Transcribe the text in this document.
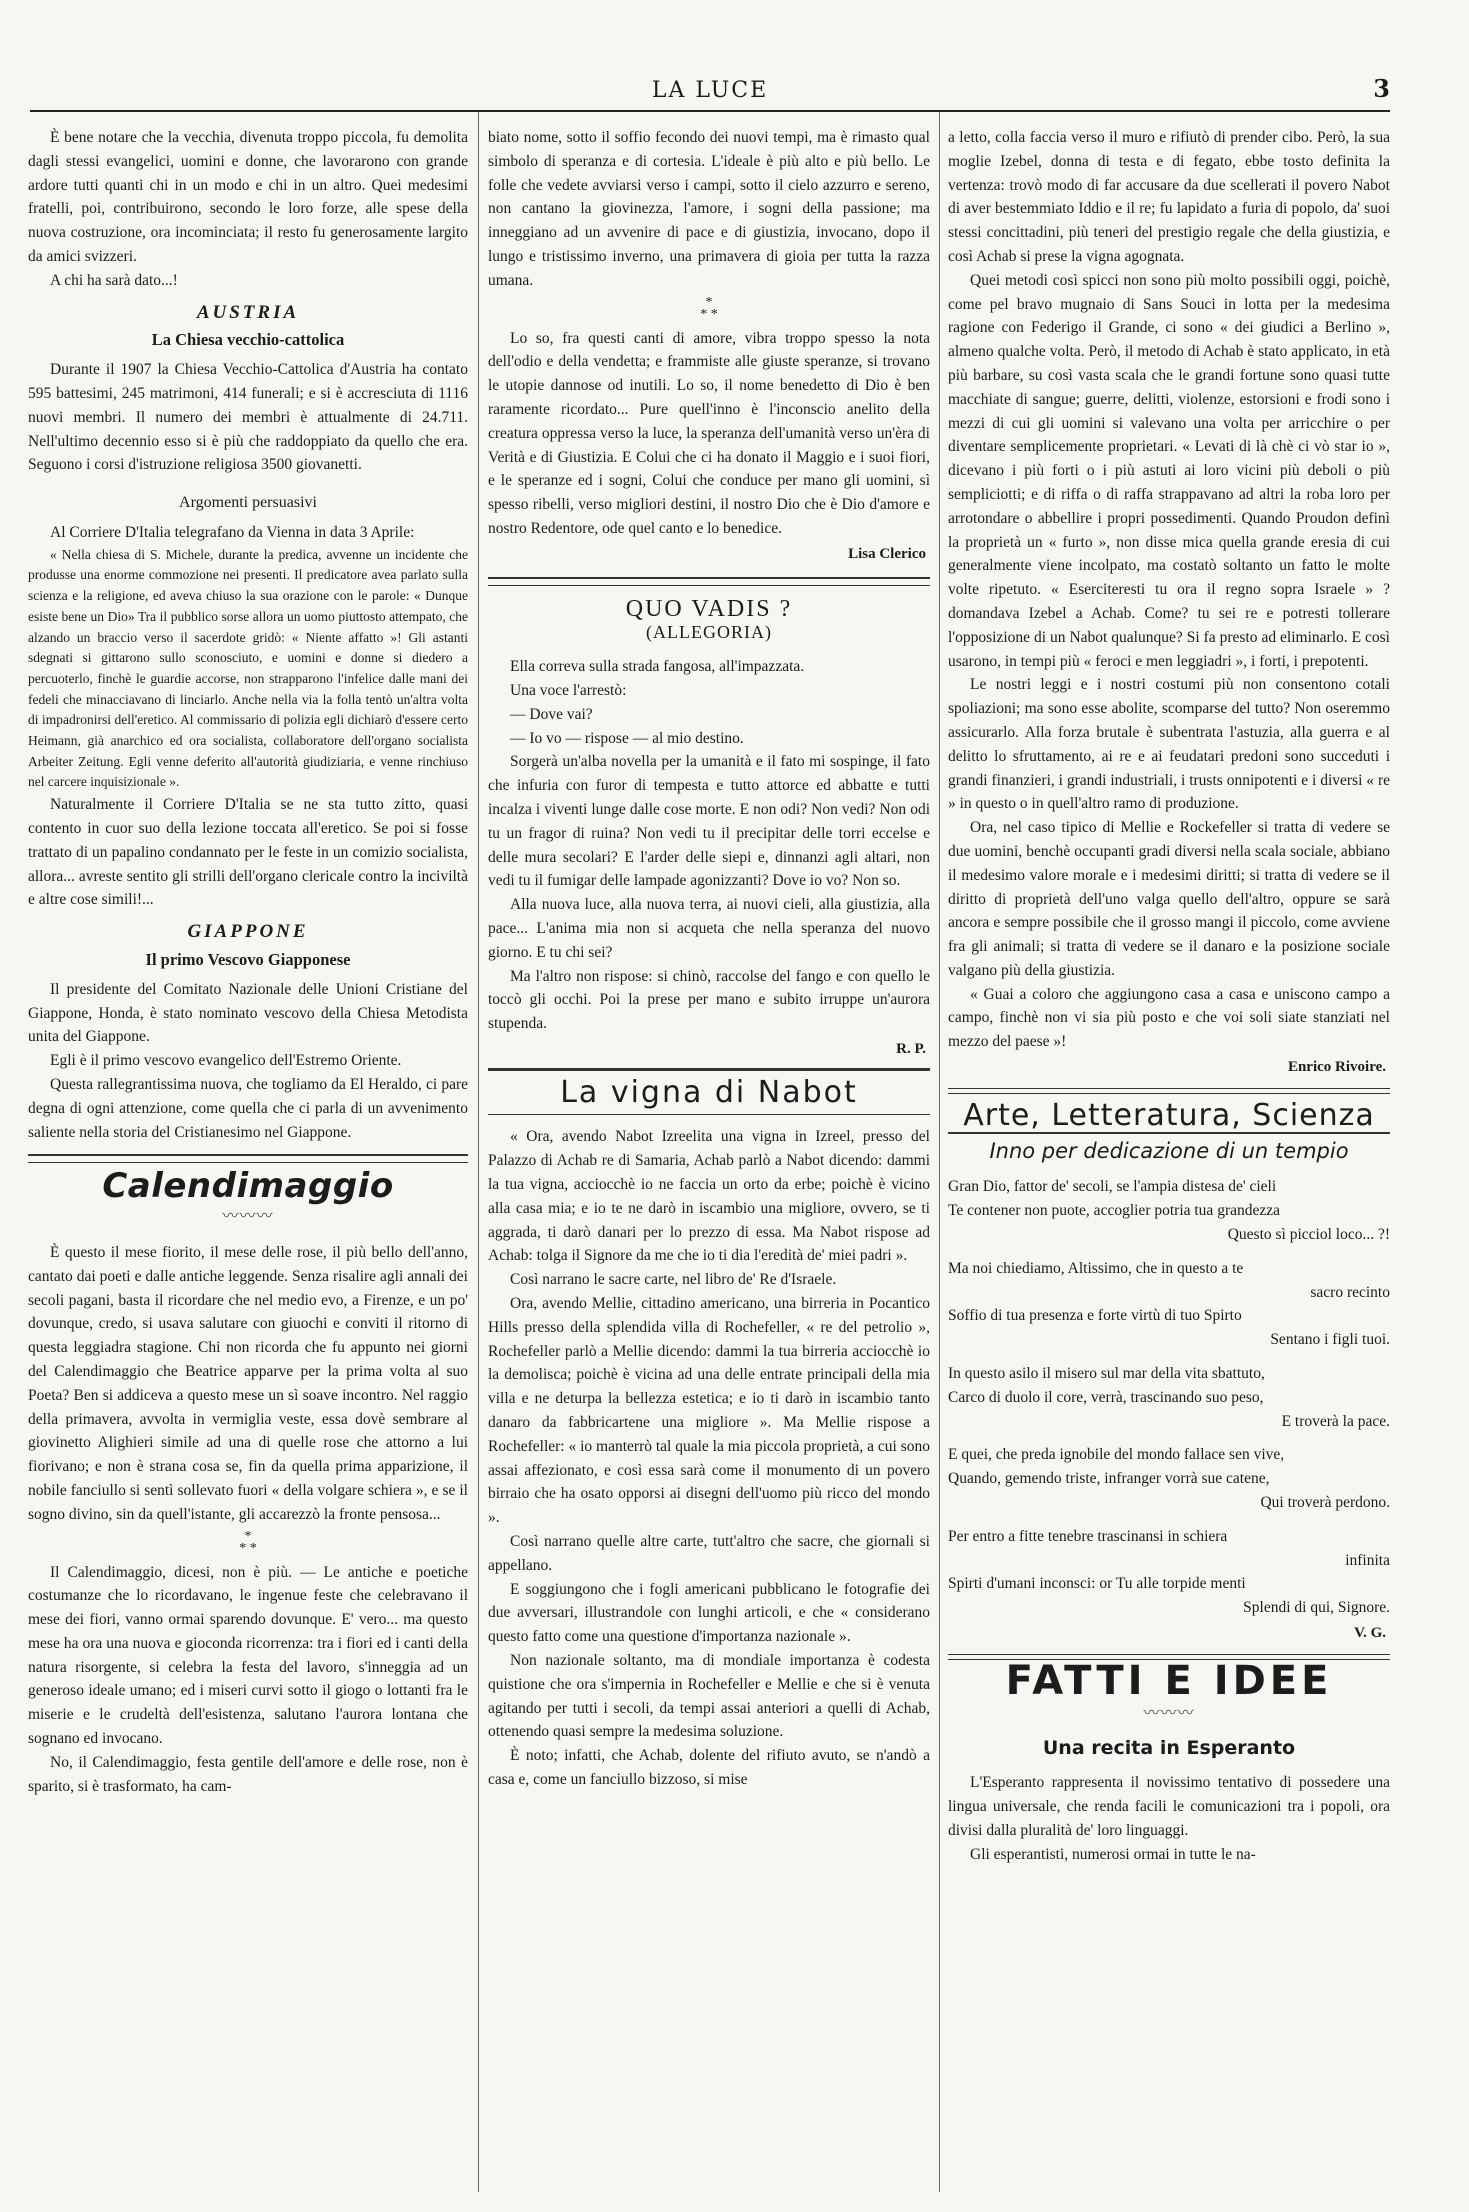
LA LUCE	3

È bene notare che la vecchia, divenuta troppo piccola, fu demolita dagli stessi evangelici, uomini e donne, che lavorarono con grande ardore tutti quanti chi in un modo e chi in un altro. Quei medesimi fratelli, poi, contribuirono, secondo le loro forze, alle spese della nuova costruzione, ora incominciata; il resto fu generosamente largito da amici svizzeri.

A chi ha sarà dato...!

AUSTRIA
La Chiesa vecchio-cattolica

Durante il 1907 la Chiesa Vecchio-Cattolica d'Austria ha contato 595 battesimi, 245 matrimoni, 414 funerali; e si è accresciuta di 1116 nuovi membri. Il numero dei membri è attualmente di 24.711. Nell'ultimo decennio esso si è più che raddoppiato da quello che era. Seguono i corsi d'istruzione religiosa 3500 giovanetti.

Argomenti persuasivi

Al Corriere D'Italia telegrafano da Vienna in data 3 Aprile:

« Nella chiesa di S. Michele, durante la predica, avvenne un incidente che produsse una enorme commozione nei presenti. Il predicatore avea parlato sulla scienza e la religione, ed aveva chiuso la sua orazione con le parole: « Dunque esiste bene un Dio» Tra il pubblico sorse allora un uomo piuttosto attempato, che alzando un braccio verso il sacerdote gridò: « Niente affatto »! Gli astanti sdegnati si gittarono sullo sconosciuto, e uomini e donne si diedero a percuoterlo, finchè le guardie accorse, non strapparono l'infelice dalle mani dei fedeli che minacciavano di linciarlo. Anche nella via la folla tentò un'altra volta di impadronirsi dell'eretico. Al commissario di polizia egli dichiarò d'essere certo Heimann, già anarchico ed ora socialista, collaboratore dell'organo socialista Arbeiter Zeitung. Egli venne deferito all'autorità giudiziaria, e venne rinchiuso nel carcere inquisizionale ».

Naturalmente il Corriere D'Italia se ne sta tutto zitto, quasi contento in cuor suo della lezione toccata all'eretico. Se poi si fosse trattato di un papalino condannato per le feste in un comizio socialista, allora... avreste sentito gli strilli dell'organo clericale contro la inciviltà e altre cose simili!...

GIAPPONE
Il primo Vescovo Giapponese

Il presidente del Comitato Nazionale delle Unioni Cristiane del Giappone, Honda, è stato nominato vescovo della Chiesa Metodista unita del Giappone.

Egli è il primo vescovo evangelico dell'Estremo Oriente.

Questa rallegrantissima nuova, che togliamo da El Heraldo, ci pare degna di ogni attenzione, come quella che ci parla di un avvenimento saliente nella storia del Cristianesimo nel Giappone.

Calendimaggio
〰〰〰

È questo il mese fiorito, il mese delle rose, il più bello dell'anno, cantato dai poeti e dalle antiche leggende. Senza risalire agli annali dei secoli pagani, basta il ricordare che nel medio evo, a Firenze, e un po' dovunque, credo, si usava salutare con giuochi e conviti il ritorno di questa leggiadra stagione. Chi non ricorda che fu appunto nei giorni del Calendimaggio che Beatrice apparve per la prima volta al suo Poeta? Ben si addiceva a questo mese un sì soave incontro. Nel raggio della primavera, avvolta in vermiglia veste, essa dovè sembrare al giovinetto Alighieri simile ad una di quelle rose che attorno a lui fiorivano; e non è strana cosa se, fin da quella prima apparizione, il nobile fanciullo si sentì sollevato fuori « della volgare schiera », e se il sogno divino, sin da quell'istante, gli accarezzò la fronte pensosa...

*
* *

Il Calendimaggio, dicesi, non è più. — Le antiche e poetiche costumanze che lo ricordavano, le ingenue feste che celebravano il mese dei fiori, vanno ormai sparendo dovunque. E' vero... ma questo mese ha ora una nuova e gioconda ricorrenza: tra i fiori ed i canti della natura risorgente, si celebra la festa del lavoro, s'inneggia ad un generoso ideale umano; ed i miseri curvi sotto il giogo o lottanti fra le miserie e le crudeltà dell'esistenza, salutano l'aurora lontana che sognano ed invocano.

No, il Calendimaggio, festa gentile dell'amore e delle rose, non è sparito, si è trasformato, ha cam-

biato nome, sotto il soffio fecondo dei nuovi tempi, ma è rimasto qual simbolo di speranza e di cortesia. L'ideale è più alto e più bello. Le folle che vedete avviarsi verso i campi, sotto il cielo azzurro e sereno, non cantano la giovinezza, l'amore, i sogni della passione; ma inneggiano ad un avvenire di pace e di giustizia, invocano, dopo il lungo e tristissimo inverno, una primavera di gioia per tutta la razza umana.

*
* *

Lo so, fra questi canti di amore, vibra troppo spesso la nota dell'odio e della vendetta; e frammiste alle giuste speranze, si trovano le utopie dannose od inutili. Lo so, il nome benedetto di Dio è ben raramente ricordato... Pure quell'inno è l'inconscio anelito della creatura oppressa verso la luce, la speranza dell'umanità verso un'èra di Verità e di Giustizia. E Colui che ci ha donato il Maggio e i suoi fiori, e le speranze ed i sogni, Colui che conduce per mano gli uomini, sì spesso ribelli, verso migliori destini, il nostro Dio che è Dio d'amore e nostro Redentore, ode quel canto e lo benedice.

Lisa Clerico
QUO VADIS ?
(ALLEGORIA)

Ella correva sulla strada fangosa, all'impazzata.

Una voce l'arrestò:

— Dove vai?

— Io vo — rispose — al mio destino.

Sorgerà un'alba novella per la umanità e il fato mi sospinge, il fato che infuria con furor di tempesta e tutto attorce ed abbatte e tutti incalza i viventi lunge dalle cose morte. E non odi? Non vedi? Non odi tu un fragor di ruina? Non vedi tu il precipitar delle torri eccelse e delle mura secolari? E l'arder delle siepi e, dinnanzi agli altari, non vedi tu il fumigar delle lampade agonizzanti? Dove io vo? Non so.

Alla nuova luce, alla nuova terra, ai nuovi cieli, alla giustizia, alla pace... L'anima mia non si acqueta che nella speranza del nuovo giorno. E tu chi sei?

Ma l'altro non rispose: si chinò, raccolse del fango e con quello le toccò gli occhi. Poi la prese per mano e subito irruppe un'aurora stupenda.

R. P.
La vigna di Nabot

« Ora, avendo Nabot Izreelita una vigna in Izreel, presso del Palazzo di Achab re di Samaria, Achab parlò a Nabot dicendo: dammi la tua vigna, acciocchè io ne faccia un orto da erbe; poichè è vicino alla casa mia; e io te ne darò in iscambio una migliore, ovvero, se ti aggrada, ti darò danari per lo prezzo di essa. Ma Nabot rispose ad Achab: tolga il Signore da me che io ti dia l'eredità de' miei padri ».

Così narrano le sacre carte, nel libro de' Re d'Israele.

Ora, avendo Mellie, cittadino americano, una birreria in Pocantico Hills presso della splendida villa di Rochefeller, « re del petrolio », Rochefeller parlò a Mellie dicendo: dammi la tua birreria acciocchè io la demolisca; poichè è vicina ad una delle entrate principali della mia villa e ne deturpa la bellezza estetica; e io ti darò in iscambio tanto danaro da fabbricartene una migliore ». Ma Mellie rispose a Rochefeller: « io manterrò tal quale la mia piccola proprietà, a cui sono assai affezionato, e così essa sarà come il monumento di un povero birraio che ha osato opporsi ai disegni dell'uomo più ricco del mondo ».

Così narrano quelle altre carte, tutt'altro che sacre, che giornali si appellano.

E soggiungono che i fogli americani pubblicano le fotografie dei due avversari, illustrandole con lunghi articoli, e che « considerano questo fatto come una questione d'importanza nazionale ».

Non nazionale soltanto, ma di mondiale importanza è codesta quistione che ora s'impernia in Rochefeller e Mellie e che si è venuta agitando per tutti i secoli, da tempi assai anteriori a quelli di Achab, ottenendo quasi sempre la medesima soluzione.

È noto; infatti, che Achab, dolente del rifiuto avuto, se n'andò a casa e, come un fanciullo bizzoso, si mise

a letto, colla faccia verso il muro e rifiutò di prender cibo. Però, la sua moglie Izebel, donna di testa e di fegato, ebbe tosto definita la vertenza: trovò modo di far accusare da due scellerati il povero Nabot di aver bestemmiato Iddio e il re; fu lapidato a furia di popolo, da' suoi stessi concittadini, più teneri del prestigio regale che della giustizia, e così Achab si prese la vigna agognata.

Quei metodi così spicci non sono più molto possibili oggi, poichè, come pel bravo mugnaio di Sans Souci in lotta per la medesima ragione con Federigo il Grande, ci sono « dei giudici a Berlino », almeno qualche volta. Però, il metodo di Achab è stato applicato, in età più barbare, su così vasta scala che le grandi fortune sono quasi tutte macchiate di sangue; guerre, delitti, violenze, estorsioni e frodi sono i mezzi di cui gli uomini si valevano una volta per arricchire o per diventare semplicemente proprietari. « Levati di là chè ci vò star io », dicevano i più forti o i più astuti ai loro vicini più deboli o più sempliciotti; e di riffa o di raffa strappavano ad altri la roba loro per arrotondare o abbellire i propri possedimenti. Quando Proudon definì la proprietà un « furto », non disse mica quella grande eresia di cui generalmente viene incolpato, ma costatò soltanto un fatto le molte volte ripetuto. « Eserciteresti tu ora il regno sopra Israele » ? domandava Izebel a Achab. Come? tu sei re e potresti tollerare l'opposizione di un Nabot qualunque? Si fa presto ad eliminarlo. E così usarono, in tempi più « feroci e men leggiadri », i forti, i prepotenti.

Le nostri leggi e i nostri costumi più non consentono cotali spoliazioni; ma sono esse abolite, scomparse del tutto? Non oseremmo assicurarlo. Alla forza brutale è subentrata l'astuzia, alla guerra e al delitto lo sfruttamento, ai re e ai feudatari predoni sono succeduti i grandi finanzieri, i grandi industriali, i trusts onnipotenti e i diversi « re » in questo o in quell'altro ramo di produzione.

Ora, nel caso tipico di Mellie e Rockefeller si tratta di vedere se due uomini, benchè occupanti gradi diversi nella scala sociale, abbiano il medesimo valore morale e i medesimi diritti; si tratta di vedere se il diritto di proprietà dell'uno valga quello dell'altro, oppure se sarà ancora e sempre possibile che il grosso mangi il piccolo, come avviene fra gli animali; si tratta di vedere se il danaro e la posizione sociale valgano più della giustizia.

« Guai a coloro che aggiungono casa a casa e uniscono campo a campo, finchè non vi sia più posto e che voi soli siate stanziati nel mezzo del paese »!

Enrico Rivoire.
Arte, Letteratura, Scienza
Inno per dedicazione di un tempio

Gran Dio, fattor de' secoli, se l'ampia distesa de' cieli

Te contener non puote, accoglier potria tua grandezza

Questo sì picciol loco... ?!

Ma noi chiediamo, Altissimo, che in questo a te

sacro recinto

Soffio di tua presenza e forte virtù di tuo Spirto

Sentano i figli tuoi.

In questo asilo il misero sul mar della vita sbattuto,

Carco di duolo il core, verrà, trascinando suo peso,

E troverà la pace.

E quei, che preda ignobile del mondo fallace sen vive,

Quando, gemendo triste, infranger vorrà sue catene,

Qui troverà perdono.

Per entro a fitte tenebre trascinansi in schiera

infinita

Spirti d'umani inconsci: or Tu alle torpide menti

Splendi di qui, Signore.

V. G.
FATTI E IDEE
〰〰〰
Una recita in Esperanto

L'Esperanto rappresenta il novissimo tentativo di possedere una lingua universale, che renda facili le comunicazioni tra i popoli, ora divisi dalla pluralità de' loro linguaggi.

Gli esperantisti, numerosi ormai in tutte le na-
